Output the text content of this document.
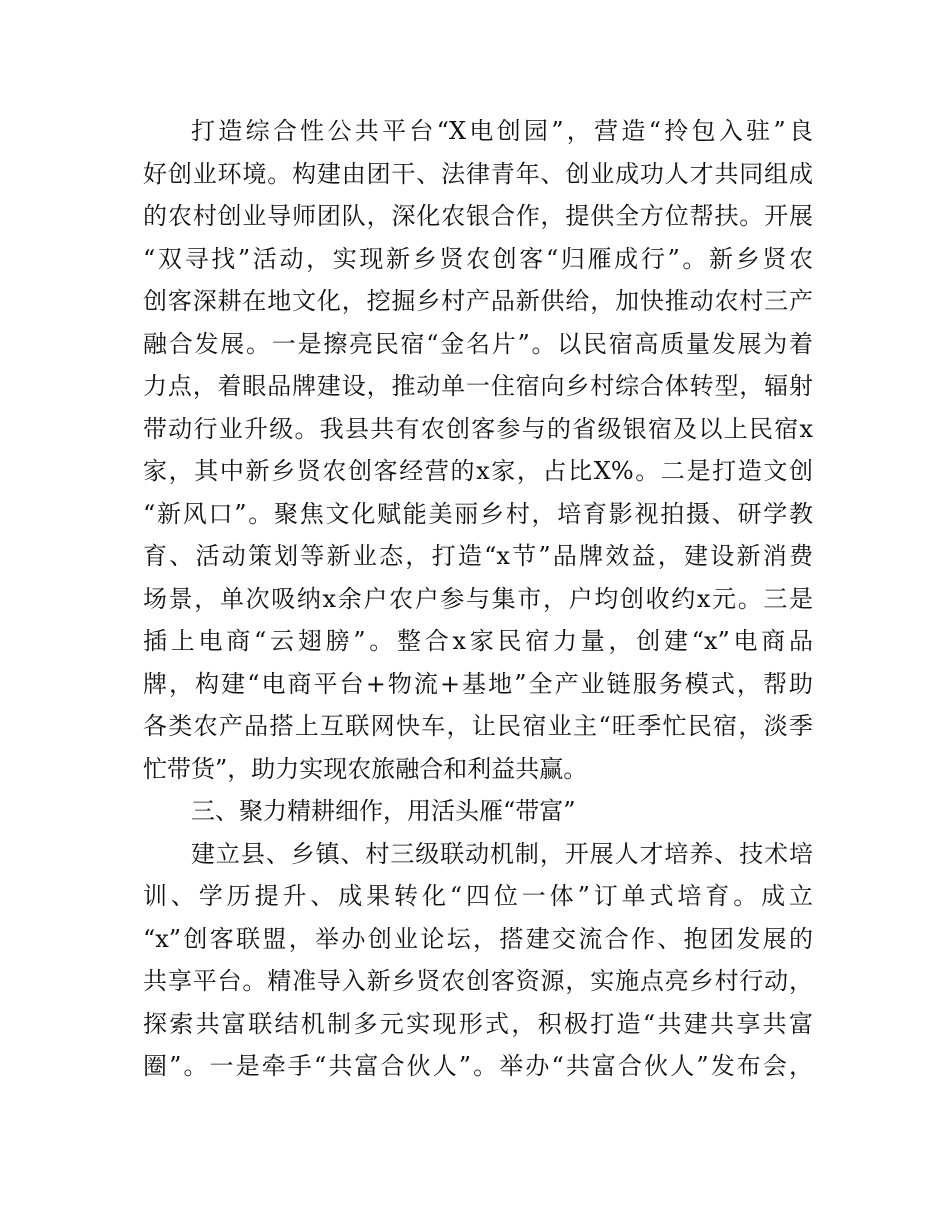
打造综合性公共平台“X电创园”，营造“拎包入驻”良
好创业环境。构建由团干、法律青年、创业成功人才共同组成
的农村创业导师团队，深化农银合作，提供全方位帮扶。开展
“双寻找”活动，实现新乡贤农创客“归雁成行”。新乡贤农
创客深耕在地文化，挖掘乡村产品新供给，加快推动农村三产
融合发展。一是擦亮民宿“金名片”。以民宿高质量发展为着
力点，着眼品牌建设，推动单一住宿向乡村综合体转型，辐射
带动行业升级。我县共有农创客参与的省级银宿及以上民宿x
家，其中新乡贤农创客经营的x家，占比X%。二是打造文创
“新风口”。聚焦文化赋能美丽乡村，培育影视拍摄、研学教
育、活动策划等新业态，打造“x节”品牌效益，建设新消费
场景，单次吸纳x余户农户参与集市，户均创收约x元。三是
插上电商“云翅膀”。整合x家民宿力量，创建“x”电商品
牌，构建“电商平台+物流+基地”全产业链服务模式，帮助
各类农产品搭上互联网快车，让民宿业主“旺季忙民宿，淡季
忙带货”，助力实现农旅融合和利益共赢。
三、聚力精耕细作，用活头雁“带富”
建立县、乡镇、村三级联动机制，开展人才培养、技术培
训、学历提升、成果转化“四位一体”订单式培育。成立
“x”创客联盟，举办创业论坛，搭建交流合作、抱团发展的
共享平台。精准导入新乡贤农创客资源，实施点亮乡村行动，
探索共富联结机制多元实现形式，积极打造“共建共享共富
圈”。一是牵手“共富合伙人”。举办“共富合伙人”发布会，
